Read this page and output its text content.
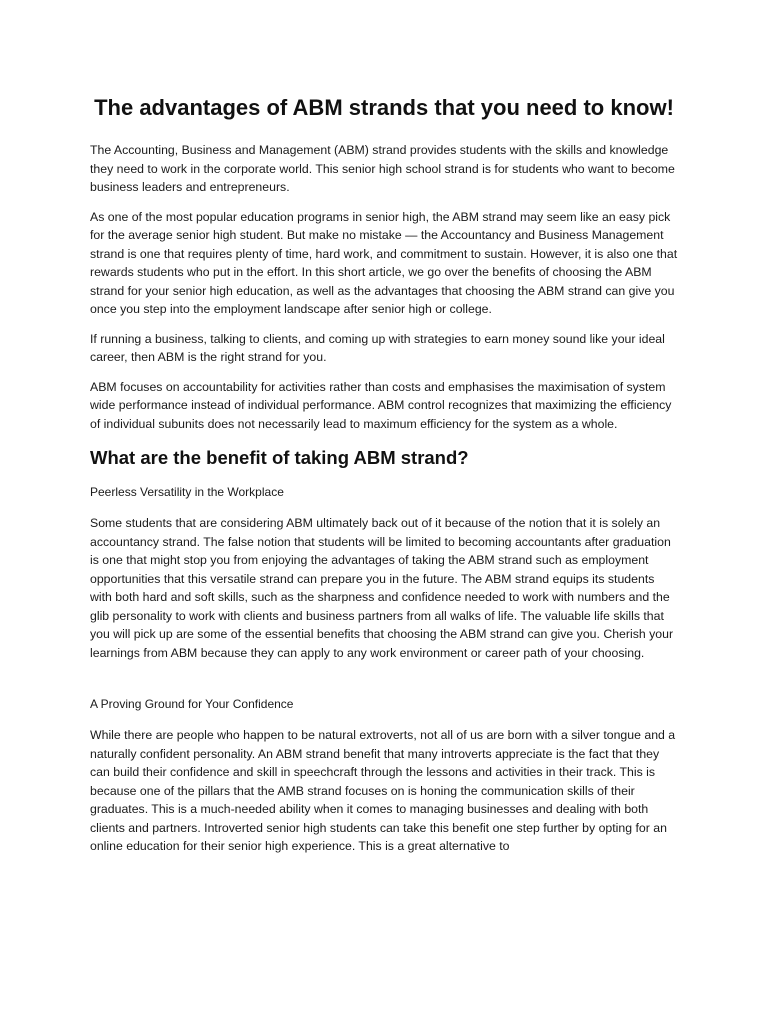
The advantages of ABM strands that you need to know!

The Accounting, Business and Management (ABM) strand provides students with the skills and knowledge they need to work in the corporate world. This senior high school strand is for students who want to become business leaders and entrepreneurs.

As one of the most popular education programs in senior high, the ABM strand may seem like an easy pick for the average senior high student. But make no mistake — the Accountancy and Business Management strand is one that requires plenty of time, hard work, and commitment to sustain. However, it is also one that rewards students who put in the effort. In this short article, we go over the benefits of choosing the ABM strand for your senior high education, as well as the advantages that choosing the ABM strand can give you once you step into the employment landscape after senior high or college.

If running a business, talking to clients, and coming up with strategies to earn money sound like your ideal career, then ABM is the right strand for you.

ABM focuses on accountability for activities rather than costs and emphasises the maximisation of system wide performance instead of individual performance. ABM control recognizes that maximizing the efficiency of individual subunits does not necessarily lead to maximum efficiency for the system as a whole.

What are the benefit of taking ABM strand?
Peerless Versatility in the Workplace

Some students that are considering ABM ultimately back out of it because of the notion that it is solely an accountancy strand. The false notion that students will be limited to becoming accountants after graduation is one that might stop you from enjoying the advantages of taking the ABM strand such as employment opportunities that this versatile strand can prepare you in the future. The ABM strand equips its students with both hard and soft skills, such as the sharpness and confidence needed to work with numbers and the glib personality to work with clients and business partners from all walks of life. The valuable life skills that you will pick up are some of the essential benefits that choosing the ABM strand can give you. Cherish your learnings from ABM because they can apply to any work environment or career path of your choosing.

A Proving Ground for Your Confidence

While there are people who happen to be natural extroverts, not all of us are born with a silver tongue and a naturally confident personality. An ABM strand benefit that many introverts appreciate is the fact that they can build their confidence and skill in speechcraft through the lessons and activities in their track. This is because one of the pillars that the AMB strand focuses on is honing the communication skills of their graduates. This is a much-needed ability when it comes to managing businesses and dealing with both clients and partners. Introverted senior high students can take this benefit one step further by opting for an online education for their senior high experience. This is a great alternative to
